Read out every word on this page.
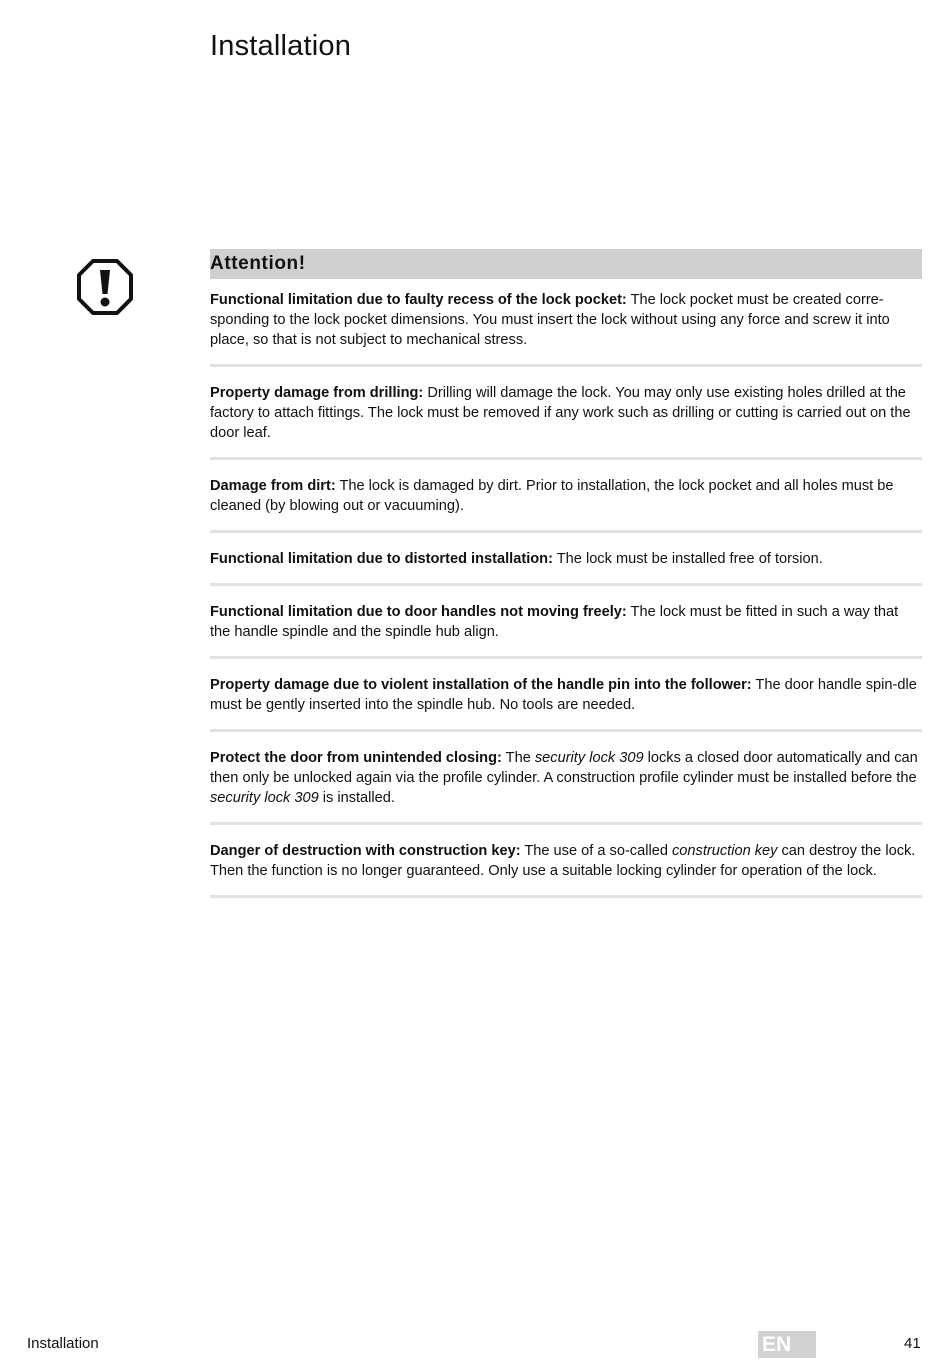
Installation
Attention!
Functional limitation due to faulty recess of the lock pocket: The lock pocket must be created corre-sponding to the lock pocket dimensions. You must insert the lock without using any force and screw it into place, so that is not subject to mechanical stress.
Property damage from drilling: Drilling will damage the lock. You may only use existing holes drilled at the factory to attach fittings. The lock must be removed if any work such as drilling or cutting is carried out on the door leaf.
Damage from dirt: The lock is damaged by dirt. Prior to installation, the lock pocket and all holes must be cleaned (by blowing out or vacuuming).
Functional limitation due to distorted installation: The lock must be installed free of torsion.
Functional limitation due to door handles not moving freely: The lock must be fitted in such a way that the handle spindle and the spindle hub align.
Property damage due to violent installation of the handle pin into the follower: The door handle spin-dle must be gently inserted into the spindle hub. No tools are needed.
Protect the door from unintended closing: The security lock 309 locks a closed door automatically and can then only be unlocked again via the profile cylinder. A construction profile cylinder must be installed before the security lock 309 is installed.
Danger of destruction with construction key: The use of a so-called construction key can destroy the lock. Then the function is no longer guaranteed. Only use a suitable locking cylinder for operation of the lock.
Installation	EN	41
